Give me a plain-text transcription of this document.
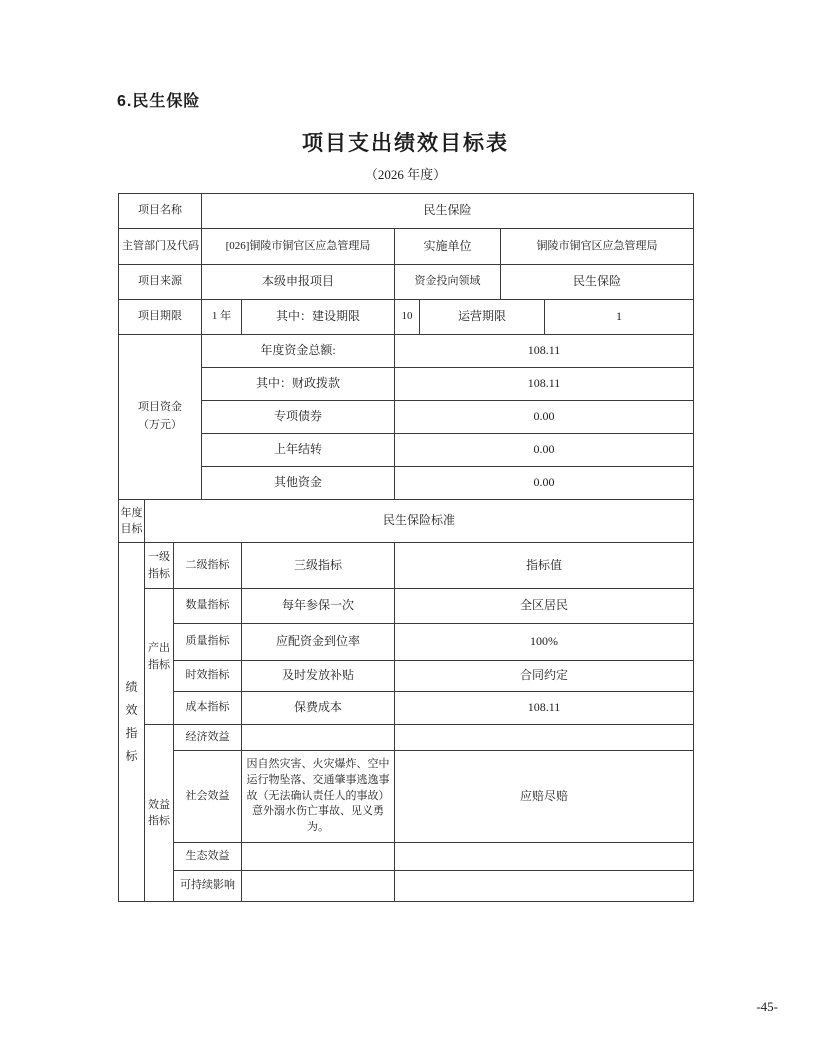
6.民生保险
项目支出绩效目标表
（2026 年度）
项目名称			民生保险					
主管部门及代码			[026]铜陵市铜官区应急管理局		实施单位		铜陵市铜官区应急管理局	
项目来源			本级申报项目		资金投向领域		民生保险	
项目期限			1 年	其中：建设期限	10	运营期限		1
项目资金（万元）			年度资金总额:		108.11			
			其中：财政拨款		108.11			
			专项债券		0.00			
			上年结转		0.00			
			其他资金		0.00			
年度目标	民生保险标准							
绩效指标	一级指标	二级指标		三级指标	指标值			
	产出指标	数量指标		每年参保一次	全区居民			
		质量指标		应配资金到位率	100%			
		时效指标		及时发放补贴	合同约定			
		成本指标		保费成本	108.11			
	效益指标	经济效益						
		社会效益		因自然灾害、火灾爆炸、空中运行物坠落、交通肇事逃逸事故（无法确认责任人的事故）意外溺水伤亡事故、见义勇为。	应赔尽赔			
		生态效益						
		可持续影响						
-45-
